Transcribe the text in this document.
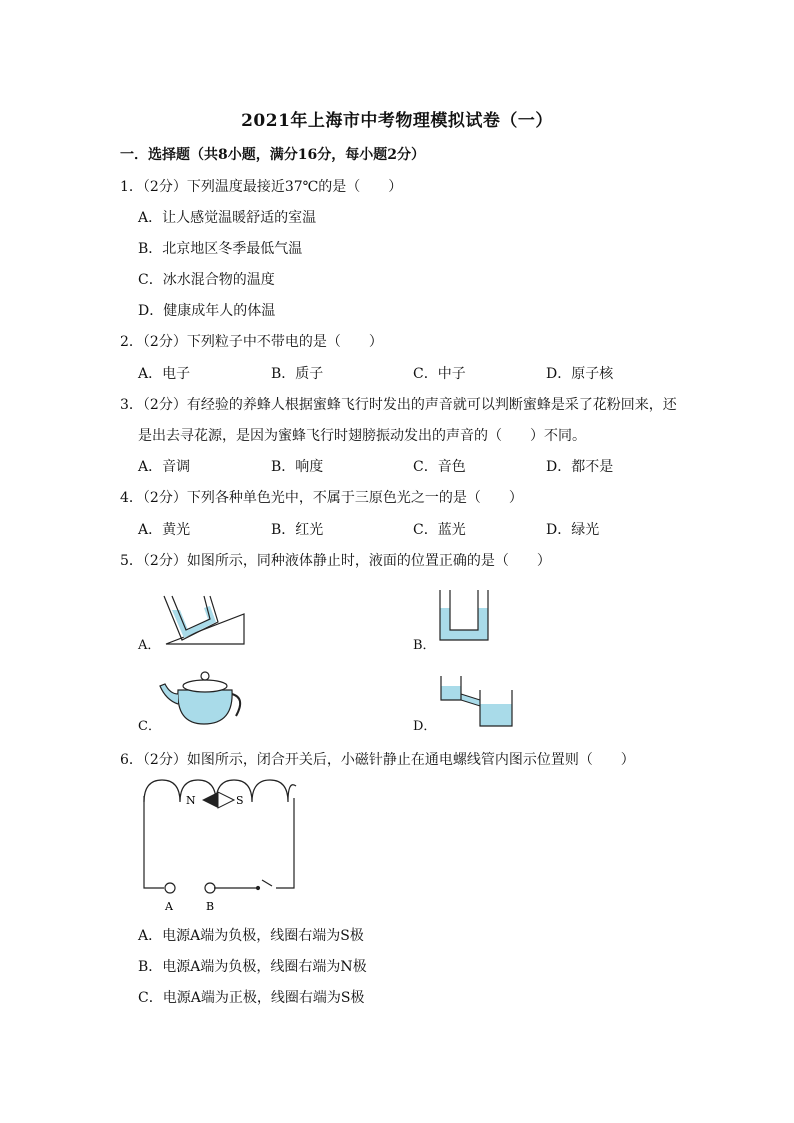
2021年上海市中考物理模拟试卷（一）
一．选择题（共8小题，满分16分，每小题2分）
1．（2分）下列温度最接近37℃的是（　　）
A．让人感觉温暖舒适的室温
B．北京地区冬季最低气温
C．冰水混合物的温度
D．健康成年人的体温
2．（2分）下列粒子中不带电的是（　　）
A．电子	B．质子	C．中子	D．原子核
3．（2分）有经验的养蜂人根据蜜蜂飞行时发出的声音就可以判断蜜蜂是采了花粉回来，还
是出去寻花源，是因为蜜蜂飞行时翅膀振动发出的声音的（　　）不同。
A．音调	B．响度	C．音色	D．都不是
4．（2分）下列各种单色光中，不属于三原色光之一的是（　　）
A．黄光	B．红光	C．蓝光	D．绿光
5．（2分）如图所示，同种液体静止时，液面的位置正确的是（　　）
A．	B．
C．	D．
6．（2分）如图所示，闭合开关后，小磁针静止在通电螺线管内图示位置则（　　）
N	S
A	B
A．电源A端为负极，线圈右端为S极
B．电源A端为负极，线圈右端为N极
C．电源A端为正极，线圈右端为S极
